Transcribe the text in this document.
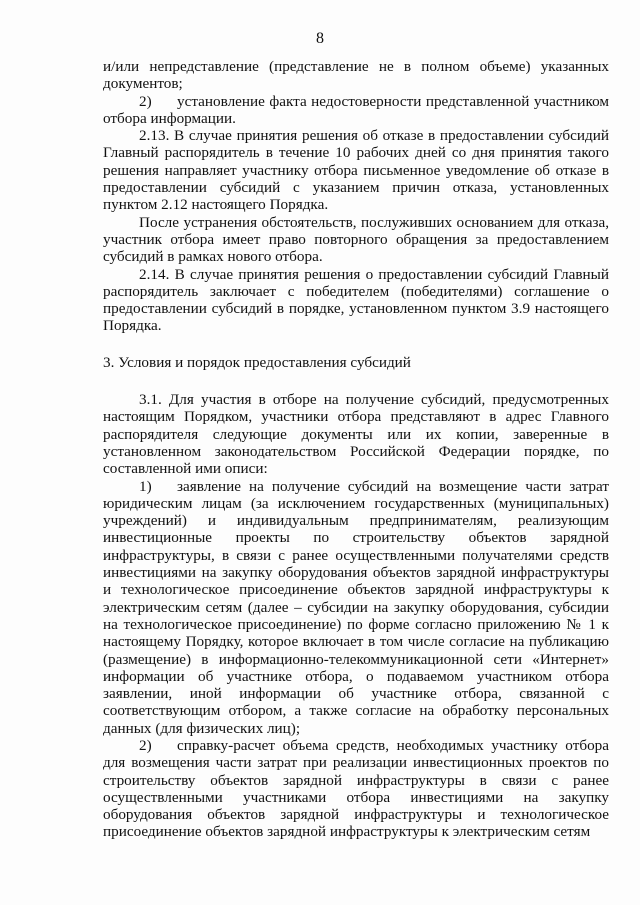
8

и/или непредставление (представление не в полном объеме) указанных документов;

2) установление факта недостоверности представленной участником отбора информации.

2.13. В случае принятия решения об отказе в предоставлении субсидий Главный распорядитель в течение 10 рабочих дней со дня принятия такого решения направляет участнику отбора письменное уведомление об отказе в предоставлении субсидий с указанием причин отказа, установленных пунктом 2.12 настоящего Порядка.

После устранения обстоятельств, послуживших основанием для отказа, участник отбора имеет право повторного обращения за предоставлением субсидий в рамках нового отбора.

2.14. В случае принятия решения о предоставлении субсидий Главный распорядитель заключает с победителем (победителями) соглашение о предоставлении субсидий в порядке, установленном пунктом 3.9 настоящего Порядка.

3. Условия и порядок предоставления субсидий

3.1. Для участия в отборе на получение субсидий, предусмотренных настоящим Порядком, участники отбора представляют в адрес Главного распорядителя следующие документы или их копии, заверенные в установленном законодательством Российской Федерации порядке, по составленной ими описи:

1) заявление на получение субсидий на возмещение части затрат юридическим лицам (за исключением государственных (муниципальных) учреждений) и индивидуальным предпринимателям, реализующим инвестиционные проекты по строительству объектов зарядной инфраструктуры, в связи с ранее осуществленными получателями средств инвестициями на закупку оборудования объектов зарядной инфраструктуры и технологическое присоединение объектов зарядной инфраструктуры к электрическим сетям (далее – субсидии на закупку оборудования, субсидии на технологическое присоединение) по форме согласно приложению № 1 к настоящему Порядку, которое включает в том числе согласие на публикацию (размещение) в информационно-телекоммуникационной сети «Интернет» информации об участнике отбора, о подаваемом участником отбора заявлении, иной информации об участнике отбора, связанной с соответствующим отбором, а также согласие на обработку персональных данных (для физических лиц);

2) справку-расчет объема средств, необходимых участнику отбора для возмещения части затрат при реализации инвестиционных проектов по строительству объектов зарядной инфраструктуры в связи с ранее осуществленными участниками отбора инвестициями на закупку оборудования объектов зарядной инфраструктуры и технологическое присоединение объектов зарядной инфраструктуры к электрическим сетям
